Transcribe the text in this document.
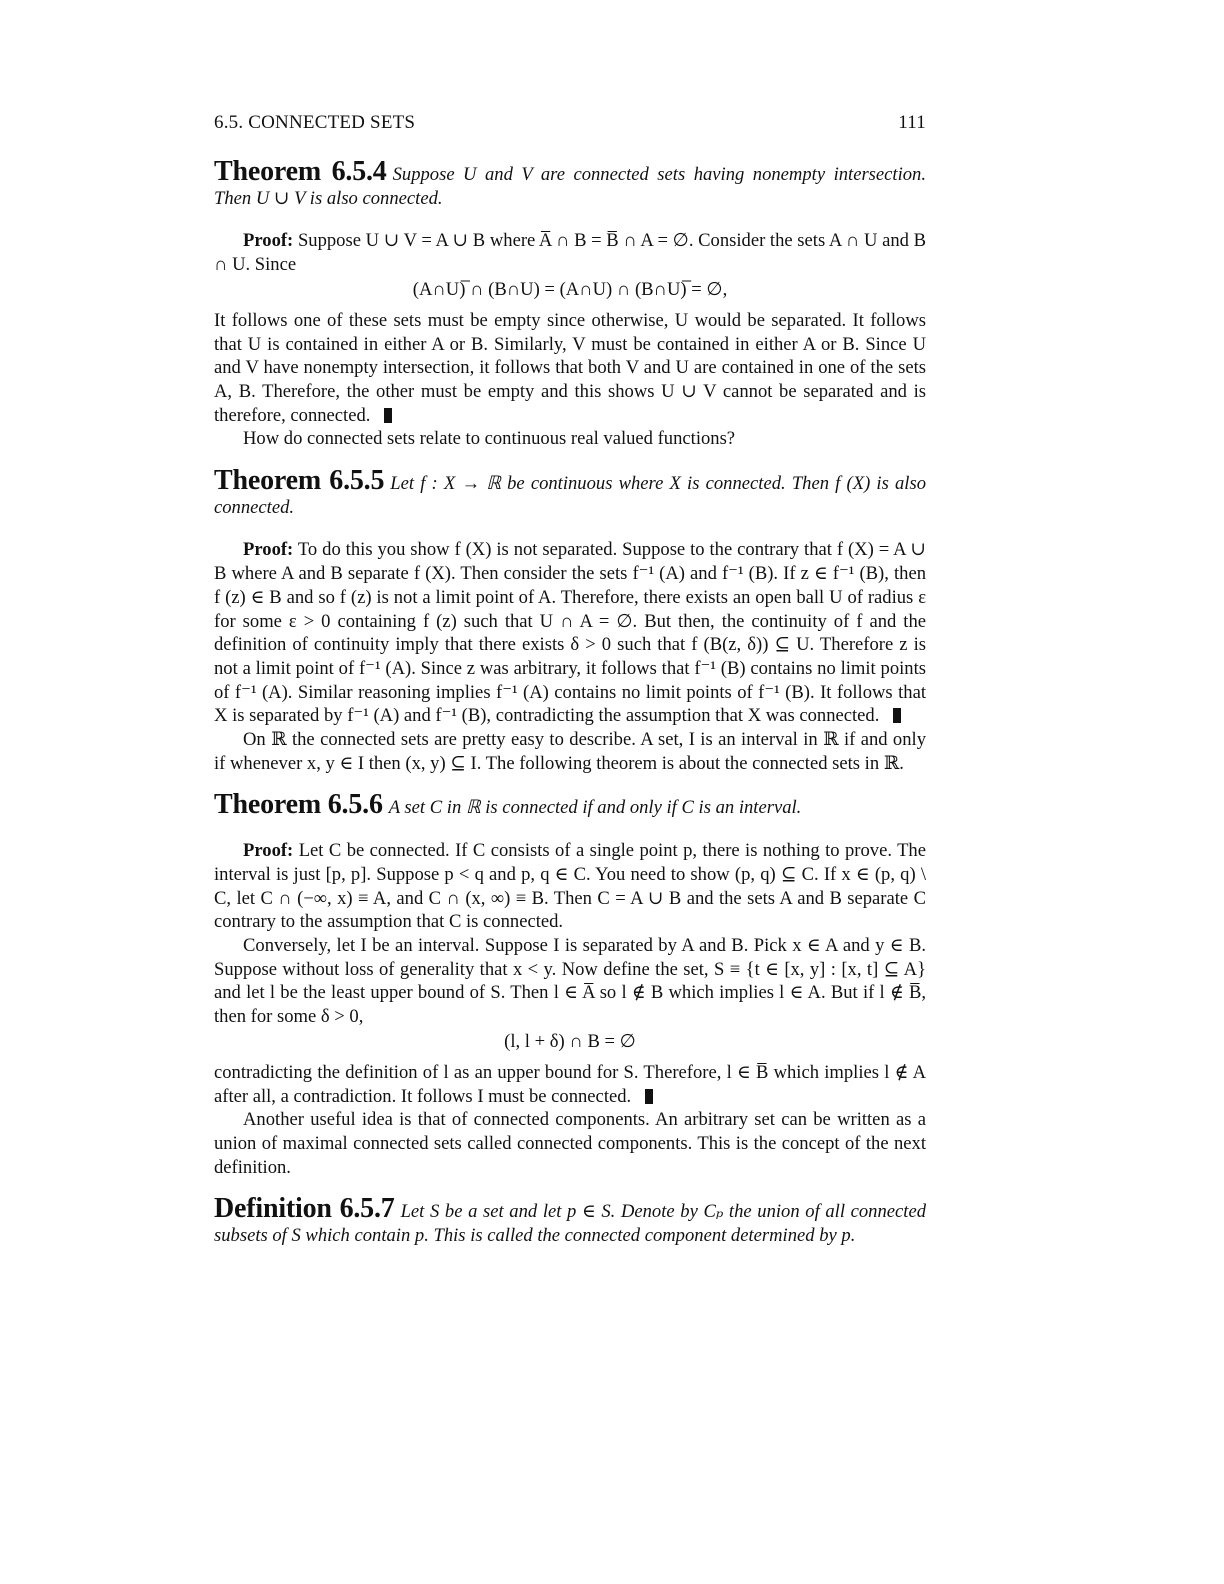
6.5. CONNECTED SETS	111
Theorem 6.5.4 Suppose U and V are connected sets having nonempty intersection. Then U ∪ V is also connected.

Proof: Suppose U ∪ V = A ∪ B where A̅ ∩ B = B̅ ∩ A = ∅. Consider the sets A ∩ U and B ∩ U. Since

(A∩U)̅ ∩ (B∩U) = (A∩U) ∩ (B∩U)̅ = ∅,

It follows one of these sets must be empty since otherwise, U would be separated. It follows that U is contained in either A or B. Similarly, V must be contained in either A or B. Since U and V have nonempty intersection, it follows that both V and U are contained in one of the sets A, B. Therefore, the other must be empty and this shows U ∪ V cannot be separated and is therefore, connected.

How do connected sets relate to continuous real valued functions?

Theorem 6.5.5 Let f : X → ℝ be continuous where X is connected. Then f (X) is also connected.

Proof: To do this you show f (X) is not separated. Suppose to the contrary that f (X) = A ∪ B where A and B separate f (X). Then consider the sets f⁻¹ (A) and f⁻¹ (B). If z ∈ f⁻¹ (B), then f (z) ∈ B and so f (z) is not a limit point of A. Therefore, there exists an open ball U of radius ε for some ε > 0 containing f (z) such that U ∩ A = ∅. But then, the continuity of f and the definition of continuity imply that there exists δ > 0 such that f (B(z, δ)) ⊆ U. Therefore z is not a limit point of f⁻¹ (A). Since z was arbitrary, it follows that f⁻¹ (B) contains no limit points of f⁻¹ (A). Similar reasoning implies f⁻¹ (A) contains no limit points of f⁻¹ (B). It follows that X is separated by f⁻¹ (A) and f⁻¹ (B), contradicting the assumption that X was connected.

On ℝ the connected sets are pretty easy to describe. A set, I is an interval in ℝ if and only if whenever x, y ∈ I then (x, y) ⊆ I. The following theorem is about the connected sets in ℝ.

Theorem 6.5.6 A set C in ℝ is connected if and only if C is an interval.

Proof: Let C be connected. If C consists of a single point p, there is nothing to prove. The interval is just [p, p]. Suppose p < q and p, q ∈ C. You need to show (p, q) ⊆ C. If x ∈ (p, q) \ C, let C ∩ (−∞, x) ≡ A, and C ∩ (x, ∞) ≡ B. Then C = A ∪ B and the sets A and B separate C contrary to the assumption that C is connected.

Conversely, let I be an interval. Suppose I is separated by A and B. Pick x ∈ A and y ∈ B. Suppose without loss of generality that x < y. Now define the set, S ≡ {t ∈ [x, y] : [x, t] ⊆ A} and let l be the least upper bound of S. Then l ∈ A̅ so l ∉ B which implies l ∈ A. But if l ∉ B̅, then for some δ > 0,

(l, l + δ) ∩ B = ∅

contradicting the definition of l as an upper bound for S. Therefore, l ∈ B̅ which implies l ∉ A after all, a contradiction. It follows I must be connected.

Another useful idea is that of connected components. An arbitrary set can be written as a union of maximal connected sets called connected components. This is the concept of the next definition.

Definition 6.5.7 Let S be a set and let p ∈ S. Denote by Cₚ the union of all connected subsets of S which contain p. This is called the connected component determined by p.
